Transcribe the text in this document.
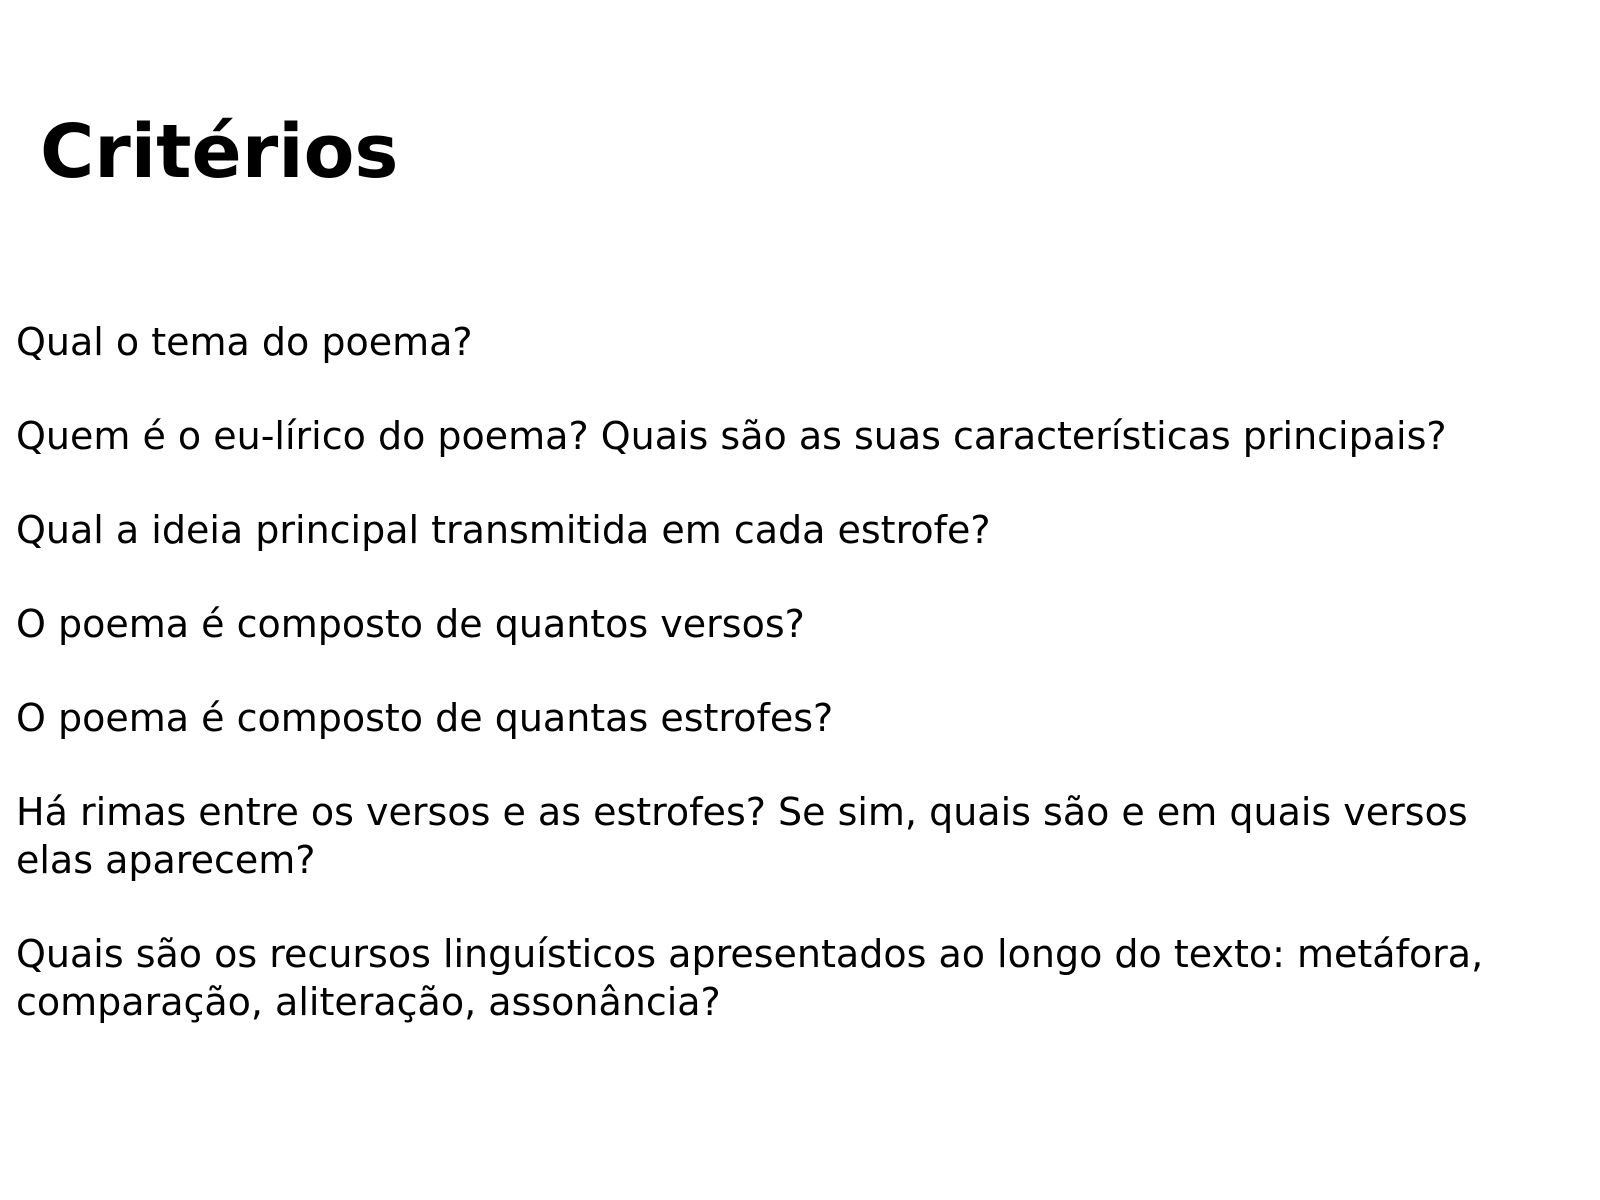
Critérios
Qual o tema do poema?
Quem é o eu-lírico do poema? Quais são as suas características principais?
Qual a ideia principal transmitida em cada estrofe?
O poema é composto de quantos versos?
O poema é composto de quantas estrofes?
Há rimas entre os versos e as estrofes? Se sim, quais são e em quais versos elas aparecem?
Quais são os recursos linguísticos apresentados ao longo do texto: metáfora, comparação, aliteração, assonância?
